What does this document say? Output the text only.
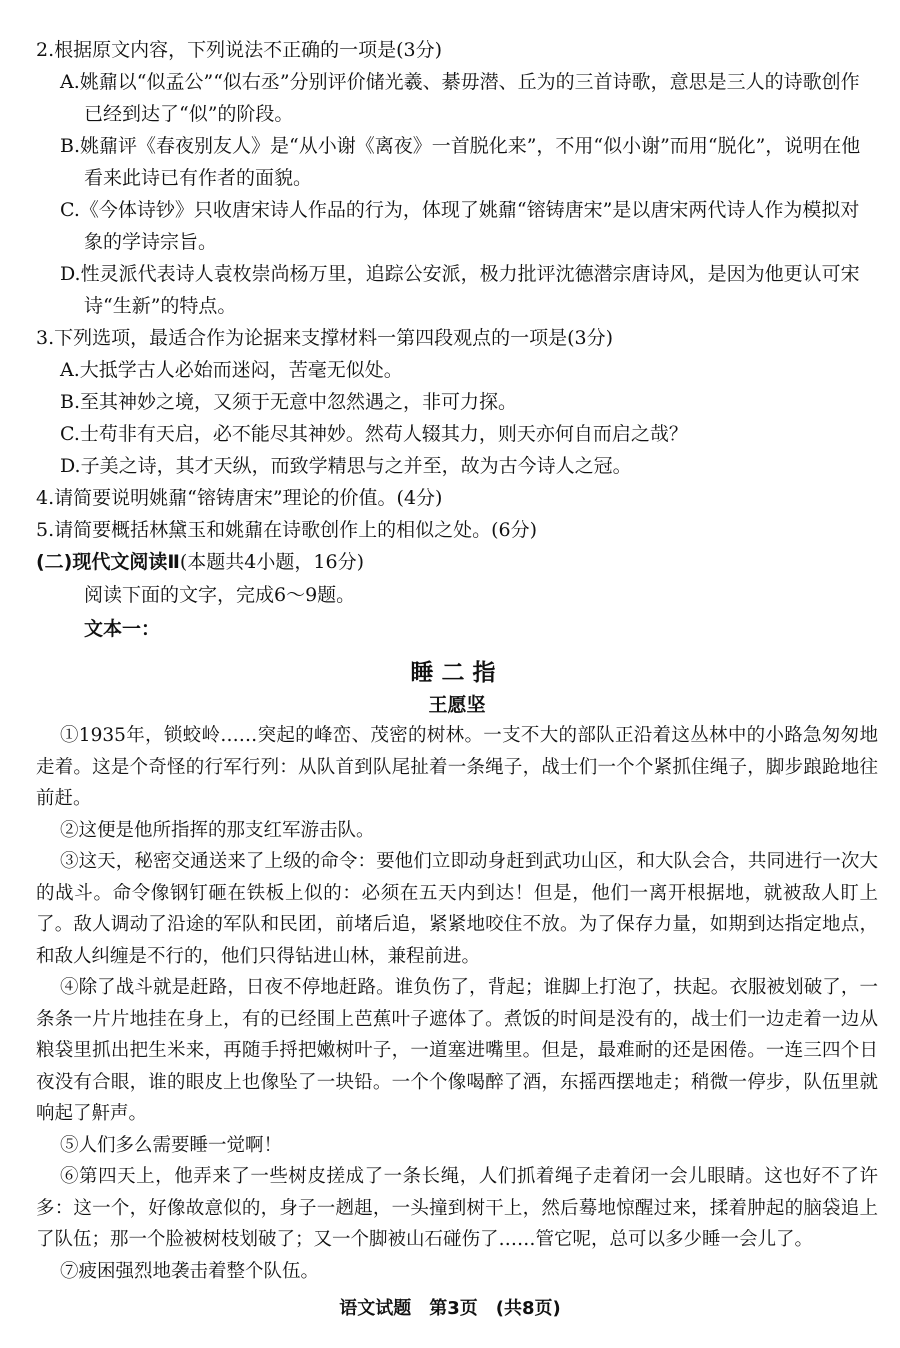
2.根据原文内容，下列说法不正确的一项是(3分)

A.姚鼐以“似孟公”“似右丞”分别评价储光羲、綦毋潜、丘为的三首诗歌，意思是三人的诗歌创作已经到达了“似”的阶段。

B.姚鼐评《春夜别友人》是“从小谢《离夜》一首脱化来”，不用“似小谢”而用“脱化”，说明在他看来此诗已有作者的面貌。

C.《今体诗钞》只收唐宋诗人作品的行为，体现了姚鼐“镕铸唐宋”是以唐宋两代诗人作为模拟对象的学诗宗旨。

D.性灵派代表诗人袁枚崇尚杨万里，追踪公安派，极力批评沈德潜宗唐诗风，是因为他更认可宋诗“生新”的特点。

3.下列选项，最适合作为论据来支撑材料一第四段观点的一项是(3分)

A.大抵学古人必始而迷闷，苦毫无似处。

B.至其神妙之境，又须于无意中忽然遇之，非可力探。

C.士苟非有天启，必不能尽其神妙。然苟人辍其力，则天亦何自而启之哉？

D.子美之诗，其才天纵，而致学精思与之并至，故为古今诗人之冠。

4.请简要说明姚鼐“镕铸唐宋”理论的价值。(4分)

5.请简要概括林黛玉和姚鼐在诗歌创作上的相似之处。(6分)

(二)现代文阅读Ⅱ(本题共4小题，16分)

阅读下面的文字，完成6～9题。

文本一：

睡二指

王愿坚

①1935年，锁蛟岭……突起的峰峦、茂密的树林。一支不大的部队正沿着这丛林中的小路急匆匆地走着。这是个奇怪的行军行列：从队首到队尾扯着一条绳子，战士们一个个紧抓住绳子，脚步踉跄地往前赶。

②这便是他所指挥的那支红军游击队。

③这天，秘密交通送来了上级的命令：要他们立即动身赶到武功山区，和大队会合，共同进行一次大的战斗。命令像钢钉砸在铁板上似的：必须在五天内到达！但是，他们一离开根据地，就被敌人盯上了。敌人调动了沿途的军队和民团，前堵后追，紧紧地咬住不放。为了保存力量，如期到达指定地点，和敌人纠缠是不行的，他们只得钻进山林，兼程前进。

④除了战斗就是赶路，日夜不停地赶路。谁负伤了，背起；谁脚上打泡了，扶起。衣服被划破了，一条条一片片地挂在身上，有的已经围上芭蕉叶子遮体了。煮饭的时间是没有的，战士们一边走着一边从粮袋里抓出把生米来，再随手捋把嫩树叶子，一道塞进嘴里。但是，最难耐的还是困倦。一连三四个日夜没有合眼，谁的眼皮上也像坠了一块铅。一个个像喝醉了酒，东摇西摆地走；稍微一停步，队伍里就响起了鼾声。

⑤人们多么需要睡一觉啊！

⑥第四天上，他弄来了一些树皮搓成了一条长绳，人们抓着绳子走着闭一会儿眼睛。这也好不了许多：这一个，好像故意似的，身子一趔趄，一头撞到树干上，然后蓦地惊醒过来，揉着肿起的脑袋追上了队伍；那一个脸被树枝划破了；又一个脚被山石碰伤了……管它呢，总可以多少睡一会儿了。

⑦疲困强烈地袭击着整个队伍。

语文试题　第3页　(共8页)
